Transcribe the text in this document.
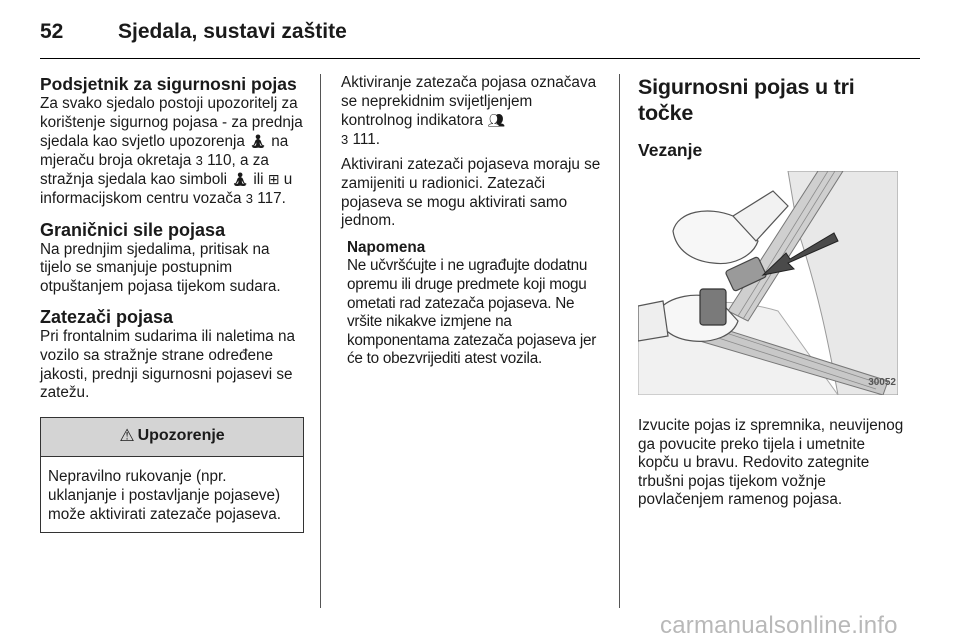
52	Sjedala, sustavi zaštite
Podsjetnik za sigurnosni pojas

Za svako sjedalo postoji upozoritelj za korištenje sigurnog pojasa - za prednja sjedala kao svjetlo upozorenja 🧘︎ na mjeraču broja okretaja 3 110, a za stražnja sjedala kao simboli 🧘︎ ili ⊞ u informacijskom centru vozača 3 117.

Graničnici sile pojasa

Na prednjim sjedalima, pritisak na tijelo se smanjuje postupnim otpuštanjem pojasa tijekom sudara.

Zatezači pojasa

Pri frontalnim sudarima ili naletima na vozilo sa stražnje strane određene jakosti, prednji sigurnosni pojasevi se zatežu.

⚠ Upozorenje
Nepravilno rukovanje (npr. uklanjanje i postavljanje pojaseve) može aktivirati zatezače pojaseva.

Aktiviranje zatezača pojasa označava se neprekidnim svijetljenjem kontrolnog indikatora 👥︎
3 111.

Aktivirani zatezači pojaseva moraju se zamijeniti u radionici. Zatezači pojaseva se mogu aktivirati samo jednom.

Napomena
Ne učvršćujte i ne ugrađujte dodatnu opremu ili druge predmete koji mogu ometati rad zatezača pojaseva. Ne vršite nikakve izmjene na komponentama zatezača pojaseva jer će to obezvrijediti atest vozila.
Sigurnosni pojas u tri točke
Vezanje
30052

Izvucite pojas iz spremnika, neuvijenog ga povucite preko tijela i umetnite kopču u bravu. Redovito zategnite trbušni pojas tijekom vožnje povlačenjem ramenog pojasa.

carmanualsonline.info
